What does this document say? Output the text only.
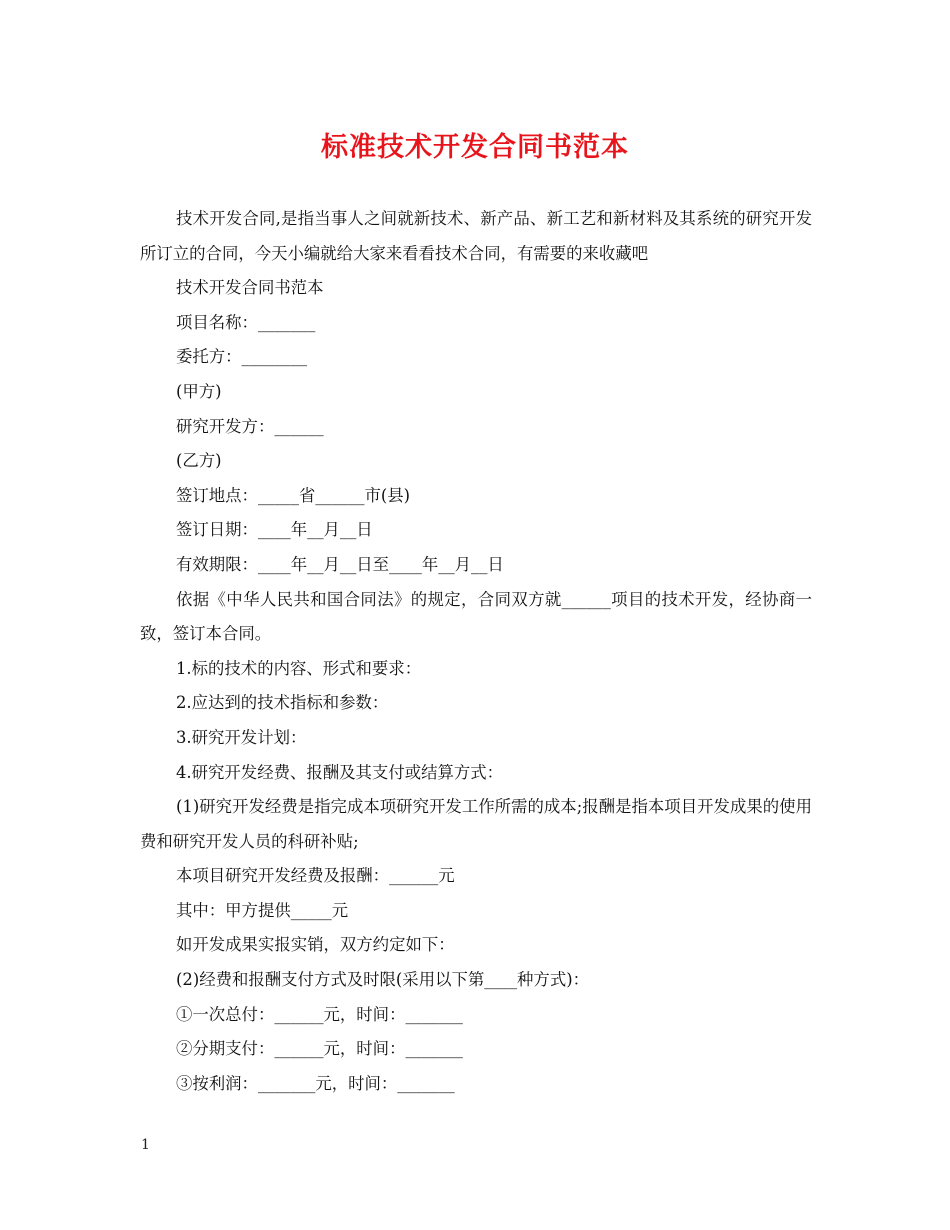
标准技术开发合同书范本

技术开发合同,是指当事人之间就新技术、新产品、新工艺和新材料及其系统的研究开发所订立的合同，今天小编就给大家来看看技术合同，有需要的来收藏吧

技术开发合同书范本

项目名称：_______

委托方：________

(甲方)

研究开发方：______

(乙方)

签订地点：_____省______市(县)

签订日期：____年__月__日

有效期限：____年__月__日至____年__月__日

依据《中华人民共和国合同法》的规定，合同双方就______项目的技术开发，经协商一致，签订本合同。

1.标的技术的内容、形式和要求：

2.应达到的技术指标和参数：

3.研究开发计划：

4.研究开发经费、报酬及其支付或结算方式：

(1)研究开发经费是指完成本项研究开发工作所需的成本;报酬是指本项目开发成果的使用费和研究开发人员的科研补贴;

本项目研究开发经费及报酬：______元

其中：甲方提供_____元

如开发成果实报实销，双方约定如下：

(2)经费和报酬支付方式及时限(采用以下第____种方式)：

①一次总付：______元，时间：_______

②分期支付：______元，时间：_______

③按利润：_______元，时间：_______

1
